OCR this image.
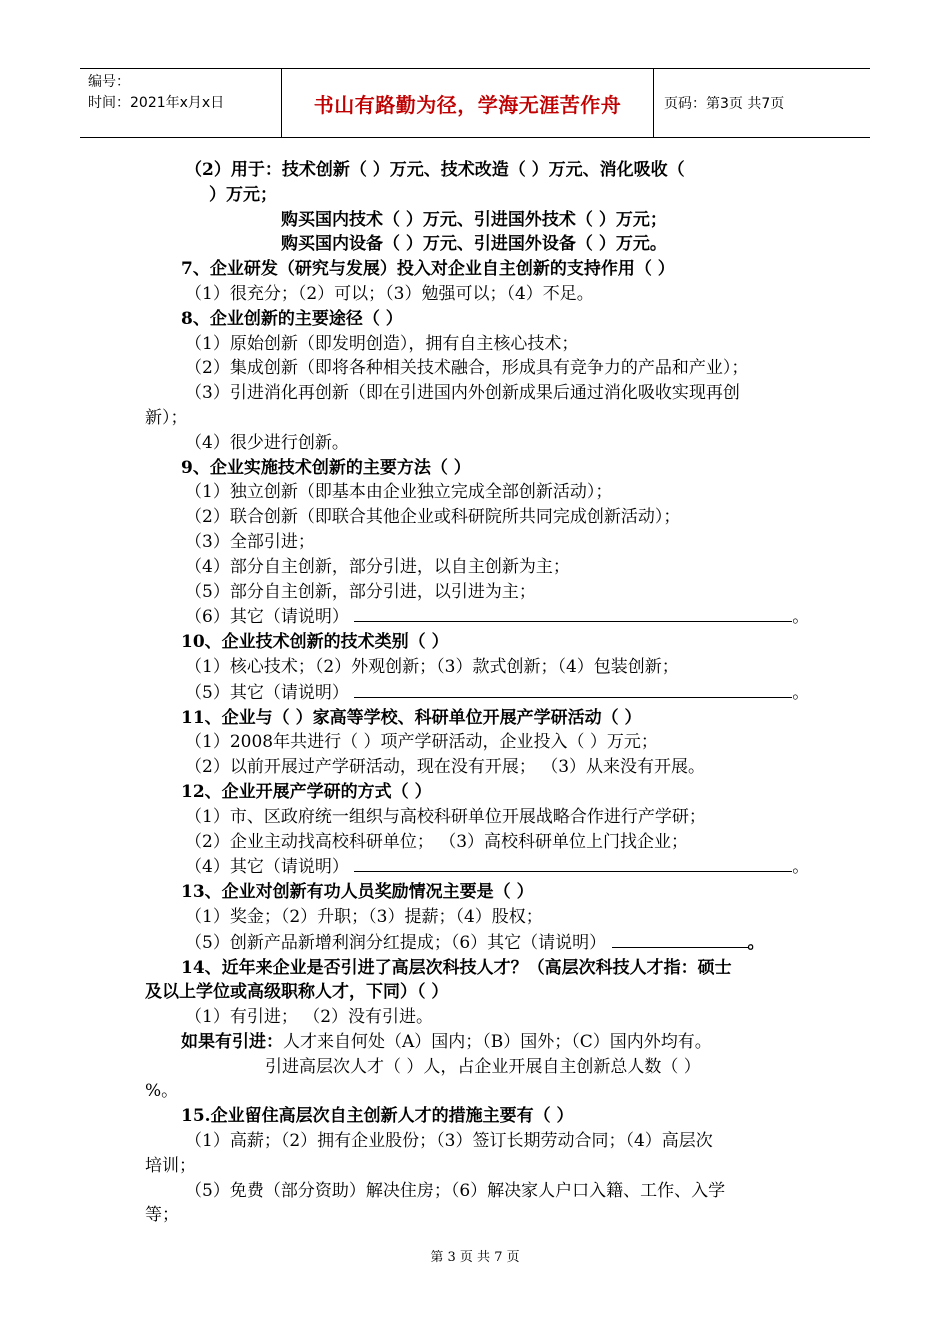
编号：
时间：2021年x月x日	书山有路勤为径，学海无涯苦作舟	页码：第3页 共7页
（2）用于：技术创新（ ）万元、技术改造（ ）万元、消化吸收（
）万元；
购买国内技术（ ）万元、引进国外技术（ ）万元；
购买国内设备（ ）万元、引进国外设备（ ）万元。
7、企业研发（研究与发展）投入对企业自主创新的支持作用（ ）
（1）很充分；（2）可以；（3）勉强可以；（4）不足。
8、企业创新的主要途径（ ）
（1）原始创新（即发明创造），拥有自主核心技术；
（2）集成创新（即将各种相关技术融合，形成具有竞争力的产品和产业）；
（3）引进消化再创新（即在引进国内外创新成果后通过消化吸收实现再创
新）；
（4）很少进行创新。
9、企业实施技术创新的主要方法（ ）
（1）独立创新（即基本由企业独立完成全部创新活动）；
（2）联合创新（即联合其他企业或科研院所共同完成创新活动）；
（3）全部引进；
（4）部分自主创新，部分引进，以自主创新为主；
（5）部分自主创新，部分引进，以引进为主；
（6）其它（请说明）	。
10、企业技术创新的技术类别（ ）
（1）核心技术；（2）外观创新；（3）款式创新；（4）包装创新；
（5）其它（请说明）	。
11、企业与（ ）家高等学校、科研单位开展产学研活动（ ）
（1）2008年共进行（ ）项产学研活动，企业投入（ ）万元；
（2）以前开展过产学研活动，现在没有开展； （3）从来没有开展。
12、企业开展产学研的方式（ ）
（1）市、区政府统一组织与高校科研单位开展战略合作进行产学研；
（2）企业主动找高校科研单位； （3）高校科研单位上门找企业；
（4）其它（请说明）	。
13、企业对创新有功人员奖励情况主要是（ ）
（1）奖金；（2）升职；（3）提薪；（4）股权；
（5）创新产品新增利润分红提成；（6）其它（请说明）	。
14、近年来企业是否引进了高层次科技人才？（高层次科技人才指：硕士
及以上学位或高级职称人才，下同）（ ）
（1）有引进； （2）没有引进。
如果有引进：人才来自何处（A）国内；（B）国外；（C）国内外均有。
引进高层次人才（ ）人，占企业开展自主创新总人数（ ）
%。
15.企业留住高层次自主创新人才的措施主要有（ ）
（1）高薪；（2）拥有企业股份；（3）签订长期劳动合同；（4）高层次
培训；
（5）免费（部分资助）解决住房；（6）解决家人户口入籍、工作、入学
等；
第 3 页 共 7 页
